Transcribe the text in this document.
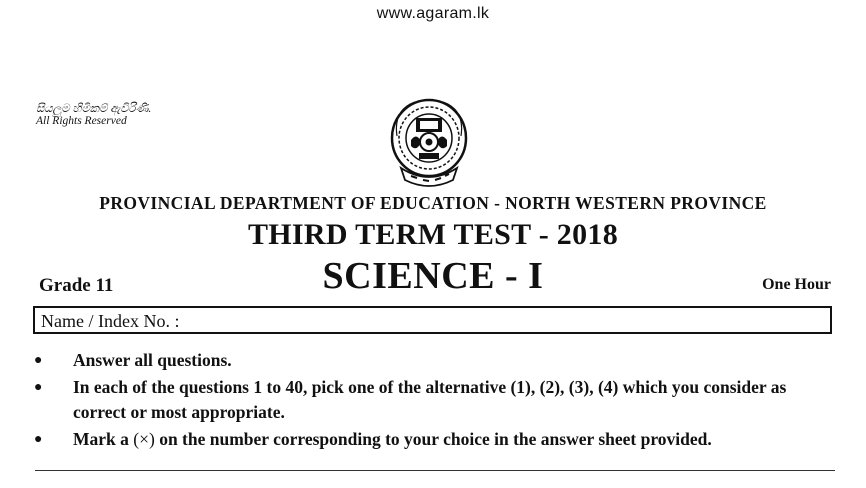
www.agaram.lk
සියලුම හිමිකම් ඇවිරිණි.
All Rights Reserved
PROVINCIAL DEPARTMENT OF EDUCATION - NORTH WESTERN PROVINCE
THIRD TERM TEST - 2018
Grade 11	SCIENCE - I	One Hour
Name / Index No. :
● Answer all questions.
● In each of the questions 1 to 40, pick one of the alternative (1), (2), (3), (4) which you consider as correct or most appropriate.
● Mark a (×) on the number corresponding to your choice in the answer sheet provided.
